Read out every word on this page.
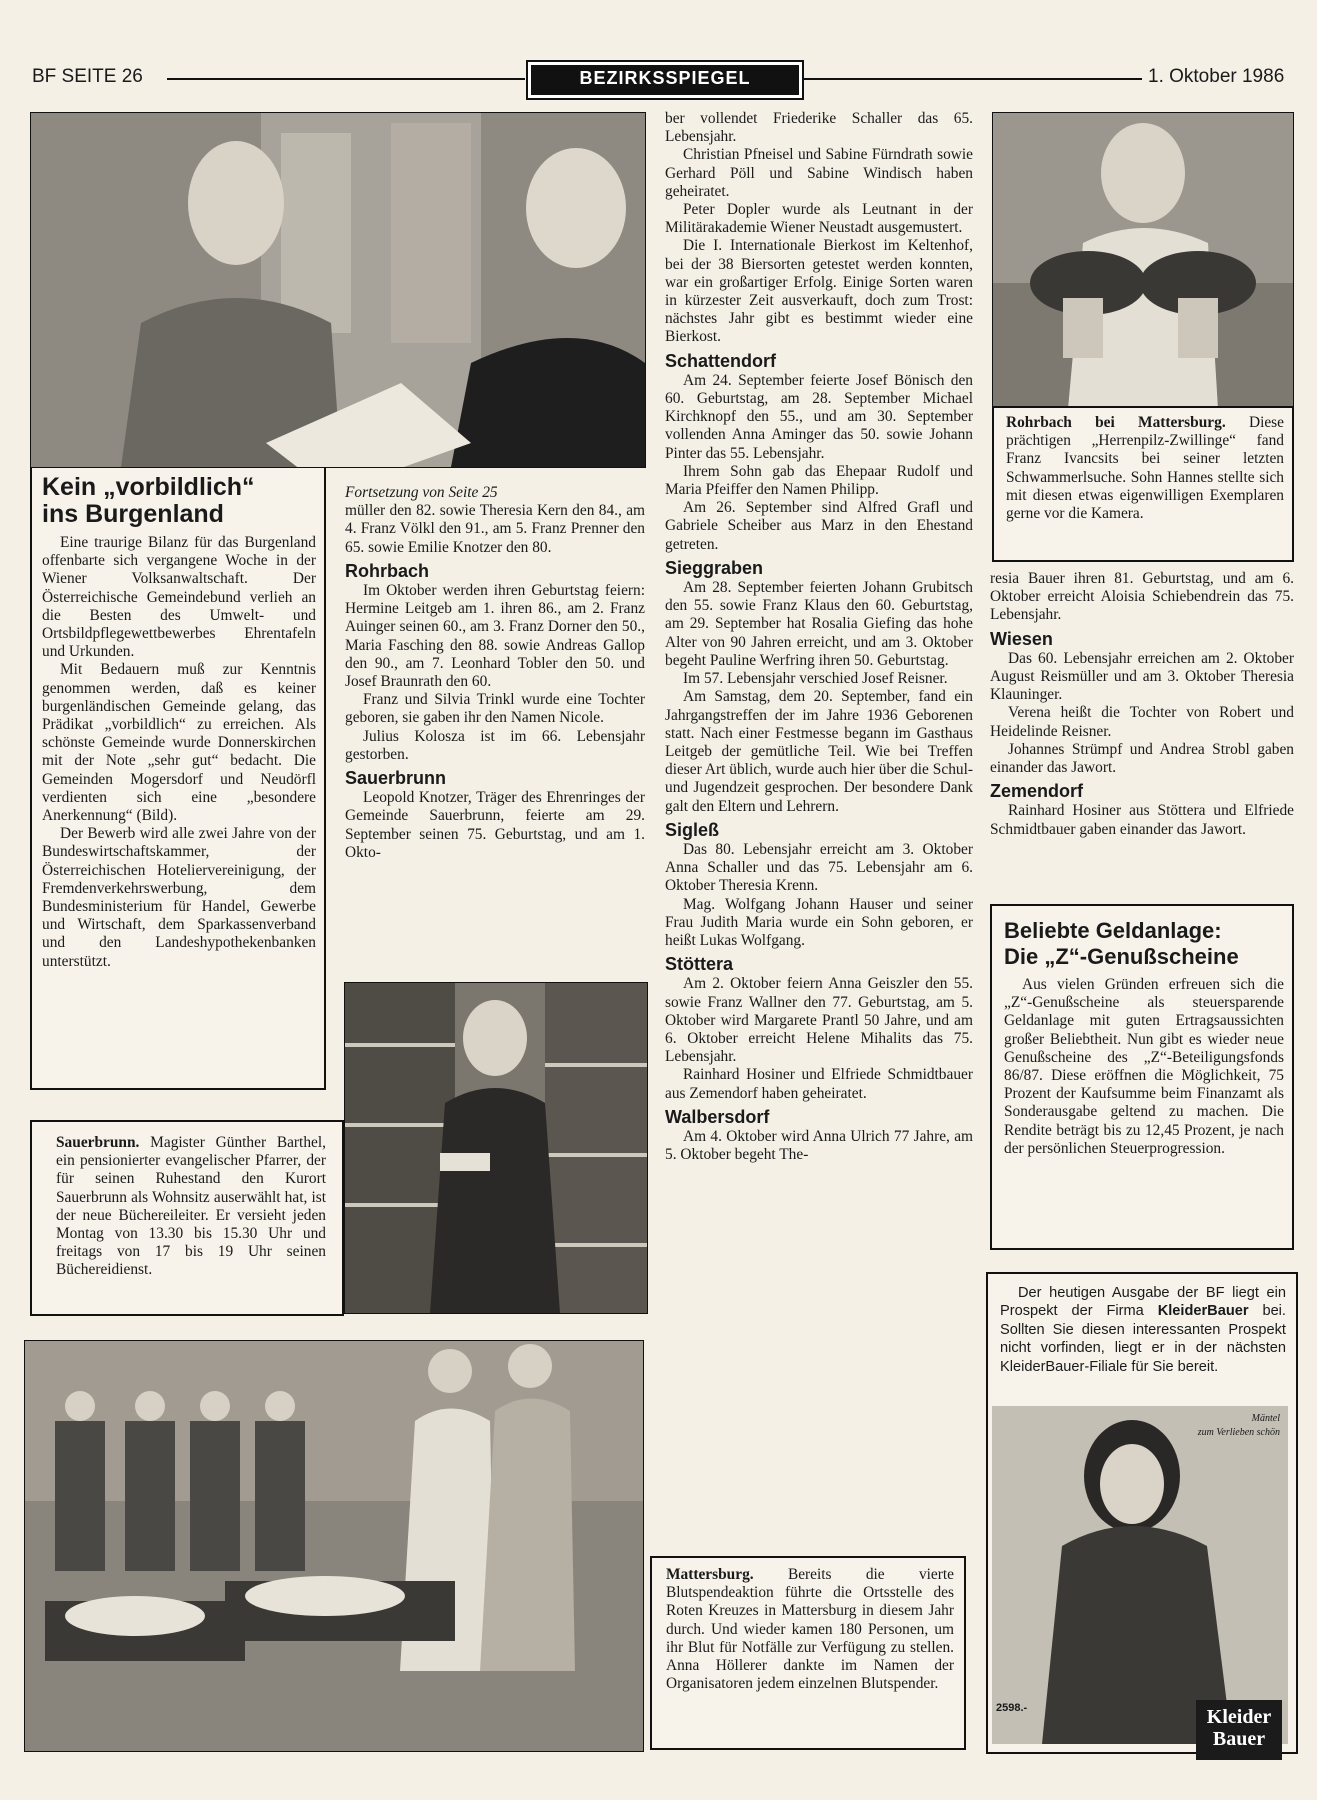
BF SEITE 26	BEZIRKSSPIEGEL	1. Oktober 1986
Kein „vorbildlich“
ins Burgenland

Eine traurige Bilanz für das Burgenland offenbarte sich vergangene Woche in der Wiener Volksanwaltschaft. Der Österreichische Gemeindebund verlieh an die Besten des Umwelt- und Ortsbildpflegewettbewerbes Ehrentafeln und Urkunden.

Mit Bedauern muß zur Kenntnis genommen werden, daß es keiner burgenländischen Gemeinde gelang, das Prädikat „vorbildlich“ zu erreichen. Als schönste Gemeinde wurde Donnerskirchen mit der Note „sehr gut“ bedacht. Die Gemeinden Mogersdorf und Neudörfl verdienten sich eine „besondere Anerkennung“ (Bild).

Der Bewerb wird alle zwei Jahre von der Bundeswirtschaftskammer, der Österreichischen Hoteliervereinigung, der Fremdenverkehrswerbung, dem Bundesministerium für Handel, Gewerbe und Wirtschaft, dem Sparkassenverband und den Landeshypothekenbanken unterstützt.

Sauerbrunn. Magister Günther Barthel, ein pensionierter evangelischer Pfarrer, der für seinen Ruhestand den Kurort Sauerbrunn als Wohnsitz auserwählt hat, ist der neue Büchereileiter. Er versieht jeden Montag von 13.30 bis 15.30 Uhr und freitags von 17 bis 19 Uhr seinen Büchereidienst.

Fortsetzung von Seite 25

müller den 82. sowie Theresia Kern den 84., am 4. Franz Völkl den 91., am 5. Franz Prenner den 65. sowie Emilie Knotzer den 80.

Rohrbach

Im Oktober werden ihren Geburtstag feiern: Hermine Leitgeb am 1. ihren 86., am 2. Franz Auinger seinen 60., am 3. Franz Dorner den 50., Maria Fasching den 88. sowie Andreas Gallop den 90., am 7. Leonhard Tobler den 50. und Josef Braunrath den 60.

Franz und Silvia Trinkl wurde eine Tochter geboren, sie gaben ihr den Namen Nicole.

Julius Kolosza ist im 66. Lebensjahr gestorben.

Sauerbrunn

Leopold Knotzer, Träger des Ehrenringes der Gemeinde Sauerbrunn, feierte am 29. September seinen 75. Geburtstag, und am 1. Okto-

ber vollendet Friederike Schaller das 65. Lebensjahr.

Christian Pfneisel und Sabine Fürndrath sowie Gerhard Pöll und Sabine Windisch haben geheiratet.

Peter Dopler wurde als Leutnant in der Militärakademie Wiener Neustadt ausgemustert.

Die I. Internationale Bierkost im Keltenhof, bei der 38 Biersorten getestet werden konnten, war ein großartiger Erfolg. Einige Sorten waren in kürzester Zeit ausverkauft, doch zum Trost: nächstes Jahr gibt es bestimmt wieder eine Bierkost.

Schattendorf

Am 24. September feierte Josef Bönisch den 60. Geburtstag, am 28. September Michael Kirchknopf den 55., und am 30. September vollenden Anna Aminger das 50. sowie Johann Pinter das 55. Lebensjahr.

Ihrem Sohn gab das Ehepaar Rudolf und Maria Pfeiffer den Namen Philipp.

Am 26. September sind Alfred Grafl und Gabriele Scheiber aus Marz in den Ehestand getreten.

Sieggraben

Am 28. September feierten Johann Grubitsch den 55. sowie Franz Klaus den 60. Geburtstag, am 29. September hat Rosalia Giefing das hohe Alter von 90 Jahren erreicht, und am 3. Oktober begeht Pauline Werfring ihren 50. Geburtstag.

Im 57. Lebensjahr verschied Josef Reisner.

Am Samstag, dem 20. September, fand ein Jahrgangstreffen der im Jahre 1936 Geborenen statt. Nach einer Festmesse begann im Gasthaus Leitgeb der gemütliche Teil. Wie bei Treffen dieser Art üblich, wurde auch hier über die Schul- und Jugendzeit gesprochen. Der besondere Dank galt den Eltern und Lehrern.

Sigleß

Das 80. Lebensjahr erreicht am 3. Oktober Anna Schaller und das 75. Lebensjahr am 6. Oktober Theresia Krenn.

Mag. Wolfgang Johann Hauser und seiner Frau Judith Maria wurde ein Sohn geboren, er heißt Lukas Wolfgang.

Stöttera

Am 2. Oktober feiern Anna Geiszler den 55. sowie Franz Wallner den 77. Geburtstag, am 5. Oktober wird Margarete Prantl 50 Jahre, und am 6. Oktober erreicht Helene Mihalits das 75. Lebensjahr.

Rainhard Hosiner und Elfriede Schmidtbauer aus Zemendorf haben geheiratet.

Walbersdorf

Am 4. Oktober wird Anna Ulrich 77 Jahre, am 5. Oktober begeht The-

Mattersburg. Bereits die vierte Blutspendeaktion führte die Ortsstelle des Roten Kreuzes in Mattersburg in diesem Jahr durch. Und wieder kamen 180 Personen, um ihr Blut für Notfälle zur Verfügung zu stellen. Anna Höllerer dankte im Namen der Organisatoren jedem einzelnen Blutspender.
Rohrbach bei Mattersburg. Diese prächtigen „Herrenpilz-Zwillinge“ fand Franz Ivancsits bei seiner letzten Schwammerlsuche. Sohn Hannes stellte sich mit diesen etwas eigenwilligen Exemplaren gerne vor die Kamera.

resia Bauer ihren 81. Geburtstag, und am 6. Oktober erreicht Aloisia Schiebendrein das 75. Lebensjahr.

Wiesen

Das 60. Lebensjahr erreichen am 2. Oktober August Reismüller und am 3. Oktober Theresia Klauninger.

Verena heißt die Tochter von Robert und Heidelinde Reisner.

Johannes Strümpf und Andrea Strobl gaben einander das Jawort.

Zemendorf

Rainhard Hosiner aus Stöttera und Elfriede Schmidtbauer gaben einander das Jawort.

Beliebte Geldanlage:
Die „Z“-Genußscheine
Aus vielen Gründen erfreuen sich die „Z“-Genußscheine als steuersparende Geldanlage mit guten Ertragsaussichten großer Beliebtheit. Nun gibt es wieder neue Genußscheine des „Z“-Beteiligungsfonds 86/87. Diese eröffnen die Möglichkeit, 75 Prozent der Kaufsumme beim Finanzamt als Sonderausgabe geltend zu machen. Die Rendite beträgt bis zu 12,45 Prozent, je nach der persönlichen Steuerprogression.
Der heutigen Ausgabe der BF liegt ein Prospekt der Firma KleiderBauer bei. Sollten Sie diesen interessanten Prospekt nicht vorfinden, liegt er in der nächsten KleiderBauer-Filiale für Sie bereit.
Mäntel
zum Verlieben schön
2598.-	Kleider
Bauer
